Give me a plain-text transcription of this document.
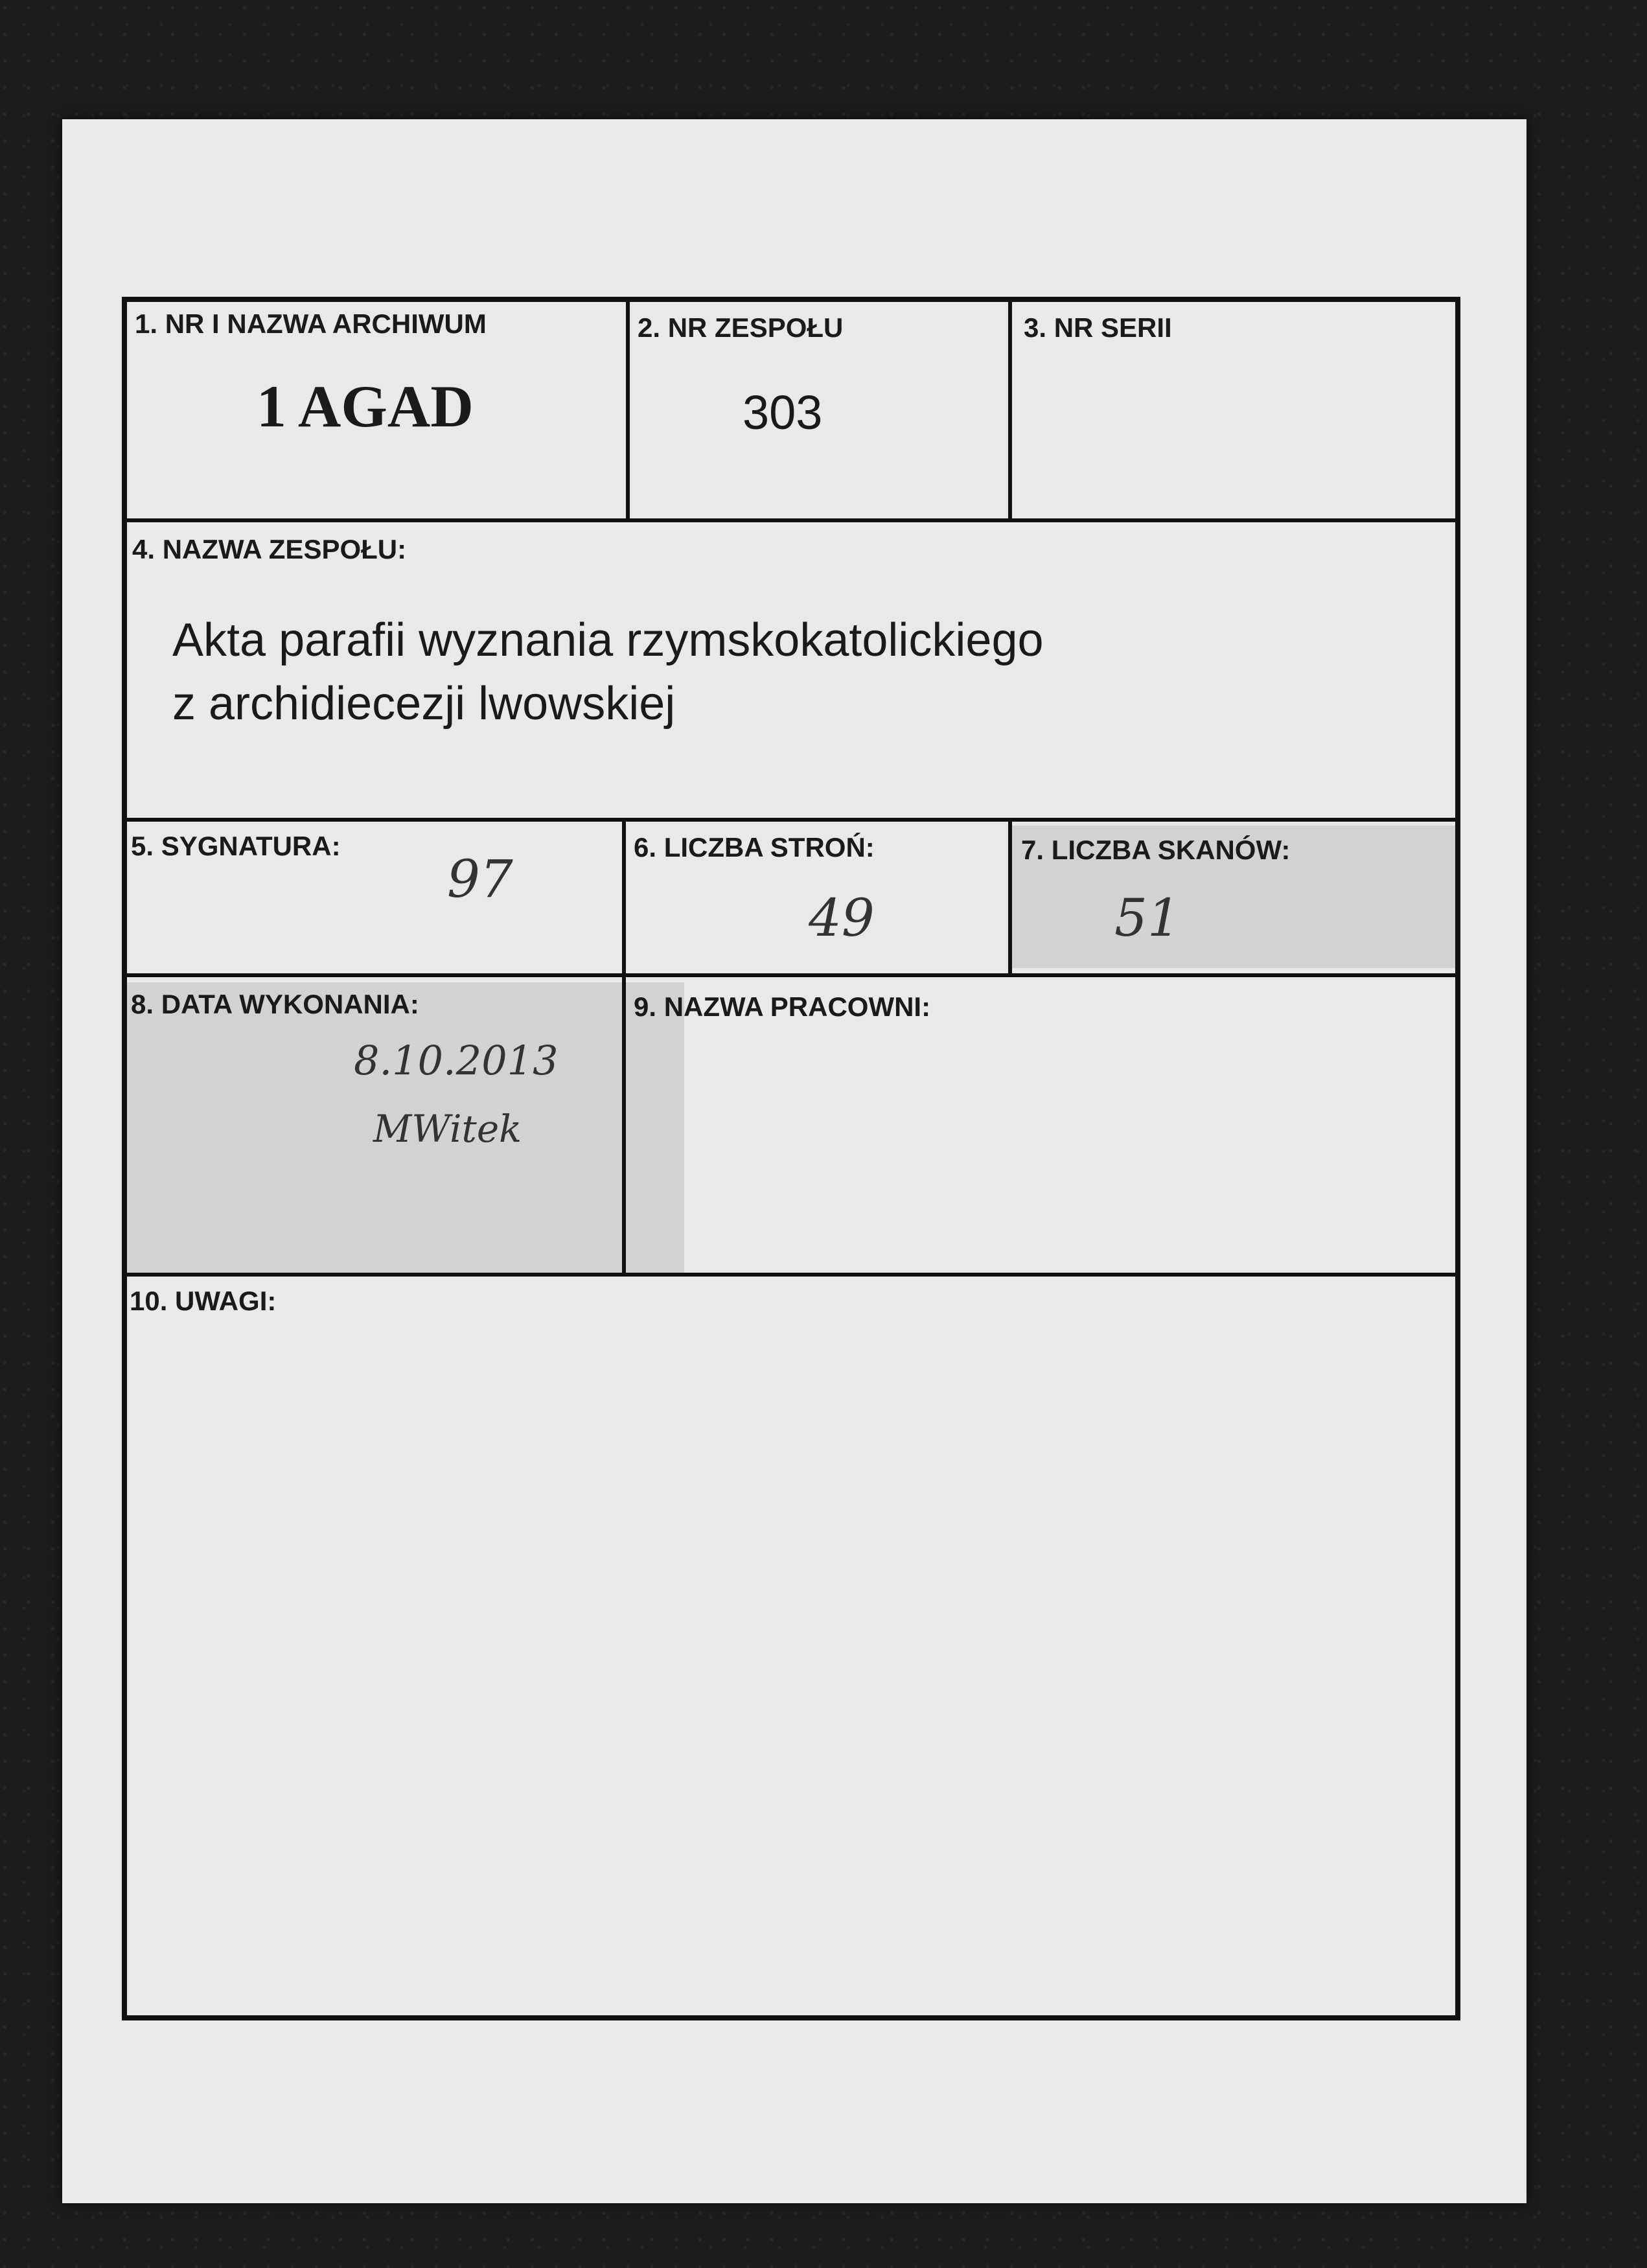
1. NR I NAZWA ARCHIWUM
1 AGAD
2. NR ZESPOŁU
303
3. NR SERII
4. NAZWA ZESPOŁU:
Akta parafii wyznania rzymskokatolickiego
z archidiecezji lwowskiej
5. SYGNATURA:
97
6. LICZBA STROŃ:
49
7. LICZBA SKANÓW:
51
8. DATA WYKONANIA:
8.10.2013
MWitek
9. NAZWA PRACOWNI:
10. UWAGI:
